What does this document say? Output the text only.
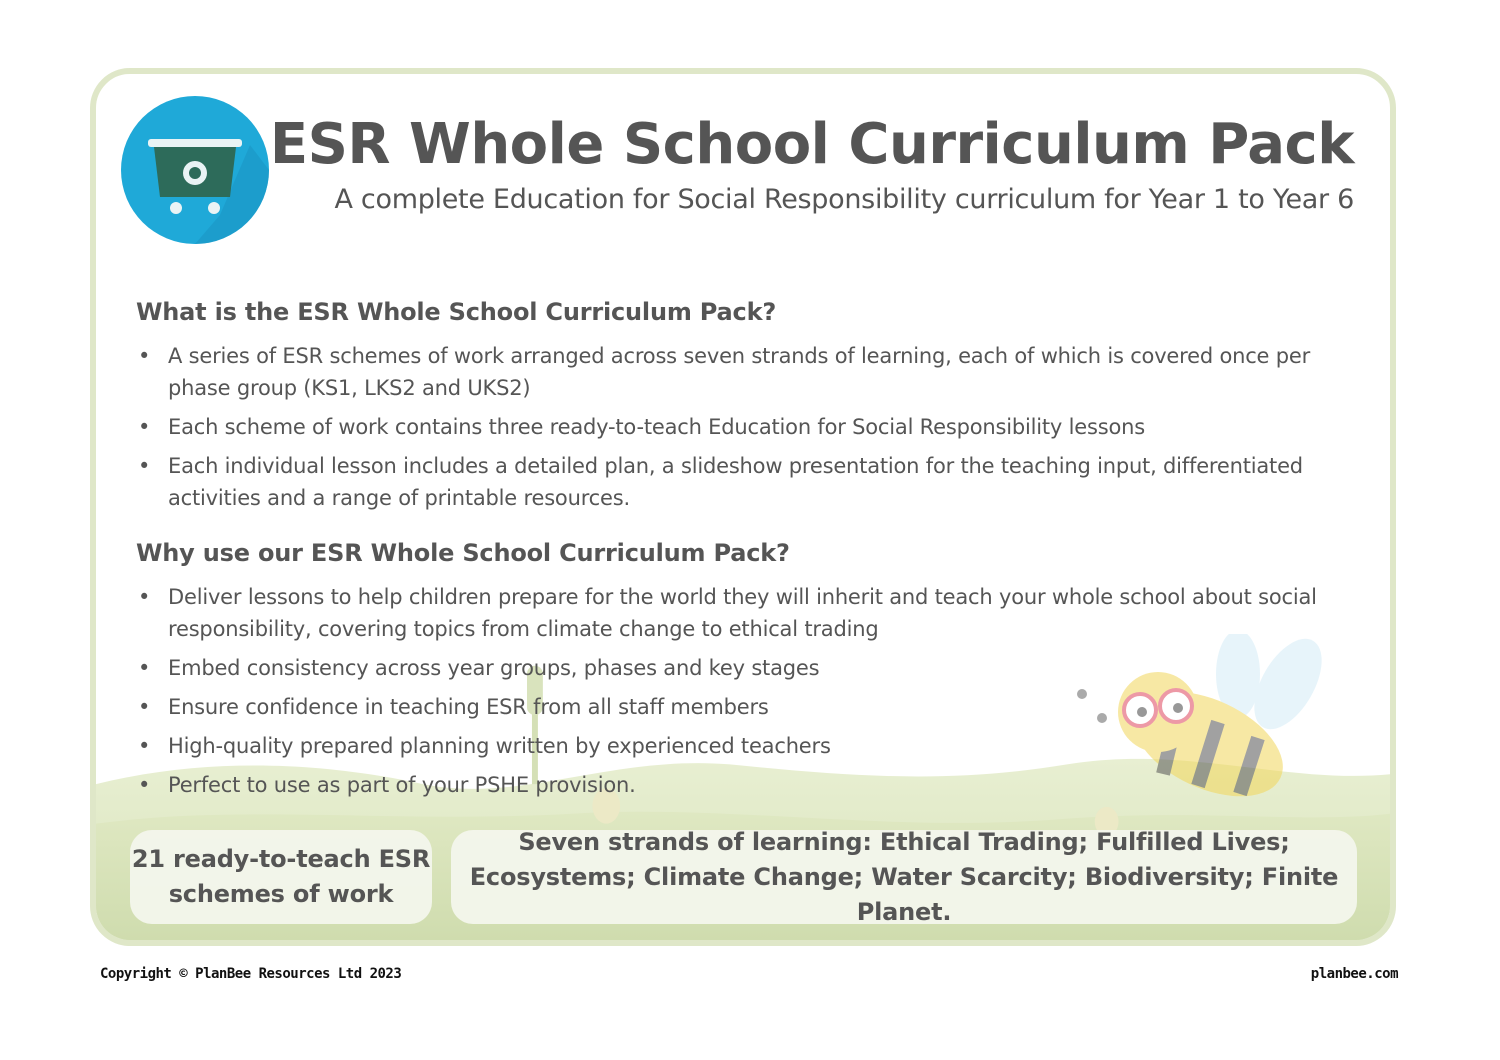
ESR Whole School Curriculum Pack

A complete Education for Social Responsibility curriculum for Year 1 to Year 6

What is the ESR Whole School Curriculum Pack?
• A series of ESR schemes of work arranged across seven strands of learning, each of which is covered once per phase group (KS1, LKS2 and UKS2)
• Each scheme of work contains three ready-to-teach Education for Social Responsibility lessons
• Each individual lesson includes a detailed plan, a slideshow presentation for the teaching input, differentiated activities and a range of printable resources.
Why use our ESR Whole School Curriculum Pack?
• Deliver lessons to help children prepare for the world they will inherit and teach your whole school about social responsibility, covering topics from climate change to ethical trading
• Embed consistency across year groups, phases and key stages
• Ensure confidence in teaching ESR from all staff members
• High-quality prepared planning written by experienced teachers
• Perfect to use as part of your PSHE provision.
21 ready-to-teach ESR schemes of work
Seven strands of learning: Ethical Trading; Fulfilled Lives; Ecosystems; Climate Change; Water Scarcity; Biodiversity; Finite Planet.
Copyright © PlanBee Resources Ltd 2023	planbee.com
